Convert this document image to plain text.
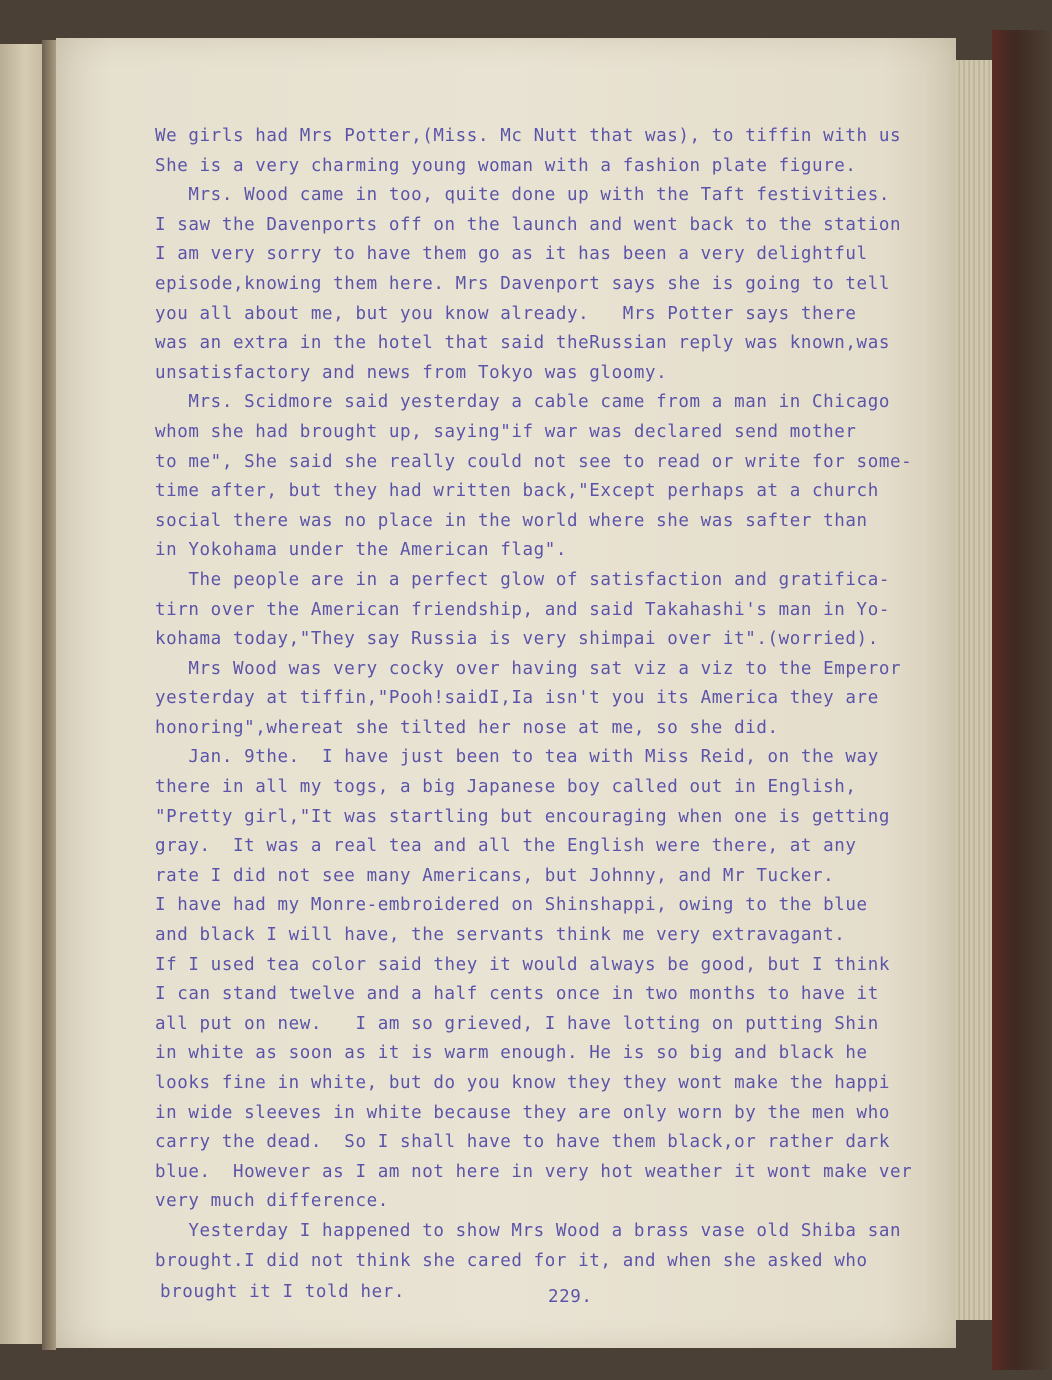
We girls had Mrs Potter,(Miss. Mc Nutt that was), to tiffin with us
She is a very charming young woman with a fashion plate figure.
Mrs. Wood came in too, quite done up with the Taft festivities.
I saw the Davenports off on the launch and went back to the station
I am very sorry to have them go as it has been a very delightful
episode,knowing them here. Mrs Davenport says she is going to tell
you all about me, but you know already.   Mrs Potter says there
was an extra in the hotel that said theRussian reply was known,was
unsatisfactory and news from Tokyo was gloomy.
Mrs. Scidmore said yesterday a cable came from a man in Chicago
whom she had brought up, saying"if war was declared send mother
to me", She said she really could not see to read or write for some-
time after, but they had written back,"Except perhaps at a church
social there was no place in the world where she was safter than
in Yokohama under the American flag".
The people are in a perfect glow of satisfaction and gratifica-
tirn over the American friendship, and said Takahashi's man in Yo-
kohama today,"They say Russia is very shimpai over it".(worried).
Mrs Wood was very cocky over having sat viz a viz to the Emperor
yesterday at tiffin,"Pooh!saidI,Ia isn't you its America they are
honoring",whereat she tilted her nose at me, so she did.
Jan. 9the.  I have just been to tea with Miss Reid, on the way
there in all my togs, a big Japanese boy called out in English,
"Pretty girl,"It was startling but encouraging when one is getting
gray.  It was a real tea and all the English were there, at any
rate I did not see many Americans, but Johnny, and Mr Tucker.
I have had my Monre-embroidered on Shinshappi, owing to the blue
and black I will have, the servants think me very extravagant.
If I used tea color said they it would always be good, but I think
I can stand twelve and a half cents once in two months to have it
all put on new.   I am so grieved, I have lotting on putting Shin
in white as soon as it is warm enough. He is so big and black he
looks fine in white, but do you know they they wont make the happi
in wide sleeves in white because they are only worn by the men who
carry the dead.  So I shall have to have them black,or rather dark
blue.  However as I am not here in very hot weather it wont make ver
very much difference.
Yesterday I happened to show Mrs Wood a brass vase old Shiba san
brought.I did not think she cared for it, and when she asked who
brought it I told her.	229.
